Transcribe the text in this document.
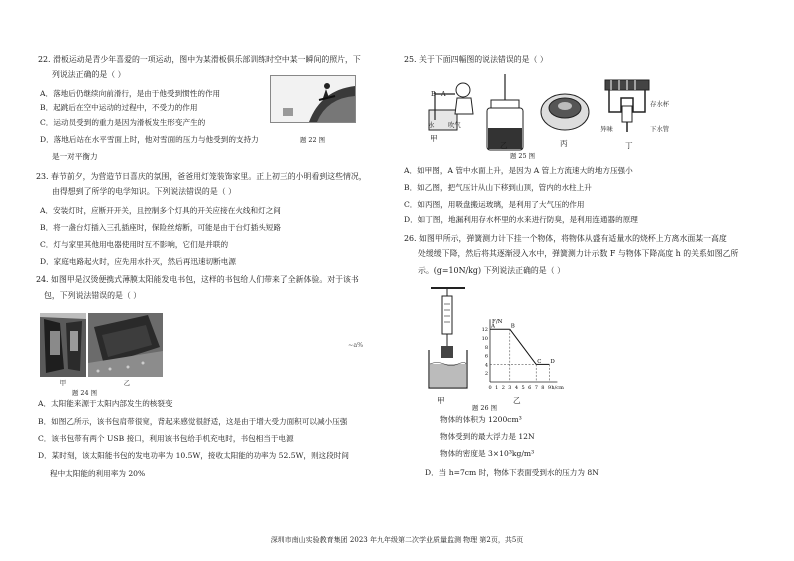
22. 滑板运动是青少年喜爱的一项运动，图中为某滑板俱乐部训练时空中某一瞬间的照片，下
列说法正确的是（ ）
A．落地后仍继续向前滑行，是由于他受到惯性的作用
B．起跳后在空中运动的过程中，不受力的作用
C．运动员受到的重力是因为滑板发生形变产生的
D．落地后站在水平雪面上时，他对雪面的压力与他受到的支持力
是一对平衡力
题 22 图
23. 春节前夕，为营造节日喜庆的氛围，爸爸用灯笼装饰家里。正上初三的小明看到这些情况，
由得想到了所学的电学知识。下列说法错误的是（ ）
A．安装灯时，应断开开关，且控制多个灯具的开关应接在火线和灯之间
B．将一盏台灯插入三孔插座时，保险丝熔断，可能是由于台灯插头短路
C．灯与家里其他用电器使用时互不影响，它们是并联的
D．家庭电路起火时，应先用水扑灭，然后再迅速切断电源
24. 如图甲是汉烫便携式薄膜太阳能发电书包，这样的书包给人们带来了全新体验。对于该书
包，下列说法错误的是（ ）
甲	乙
题 24 图
A．太阳能来源于太阳内部发生的核裂变
B．如图乙所示，该书包肩带很宽，背起来感觉很舒适，这是由于增大受力面积可以减小压强
C．该书包带有两个 USB 接口，利用该书包给手机充电时，书包相当于电源
D．某时刻，该太阳能书包的发电功率为 10.5W，接收太阳能的功率为 52.5W，则这段时间
程中太阳能的利用率为 20%
~a%
25. 关于下面四幅图的说法错误的是（ ）
B A
吹气
水
存水杯
异味	下水管
甲
乙	丙	丁
题 25 图
A．如甲图，A 管中水面上升，是因为 A 管上方流速大的地方压强小
B．如乙图，把气压计从山下移到山顶，管内的水柱上升
C．如丙图，用吸盘搬运玻璃，是利用了大气压的作用
D．如丁图，地漏利用存水杯里的水来进行防臭，是利用连通器的原理
26. 如图甲所示，弹簧测力计下挂一个物体，将物体从盛有适量水的烧杯上方离水面某一高度
处缓缓下降，然后将其逐渐浸入水中，弹簧测力计示数 F 与物体下降高度 h 的关系如图乙所
示。(g=10N/kg) 下列说法正确的是（ ）
甲
F/N
h/cm
0 1 2 3 4 5 6 7 8 9
2
4
6
8
10
12
A	B
C D
乙
题 26 图
物体的体积为 1200cm³
物体受到的最大浮力是 12N
物体的密度是 3×10³kg/m³
D．当 h=7cm 时，物体下表面受到水的压力为 8N
深圳市南山实验教育集团 2023 年九年级第二次学业质量监测 物理 第2页，共5页
